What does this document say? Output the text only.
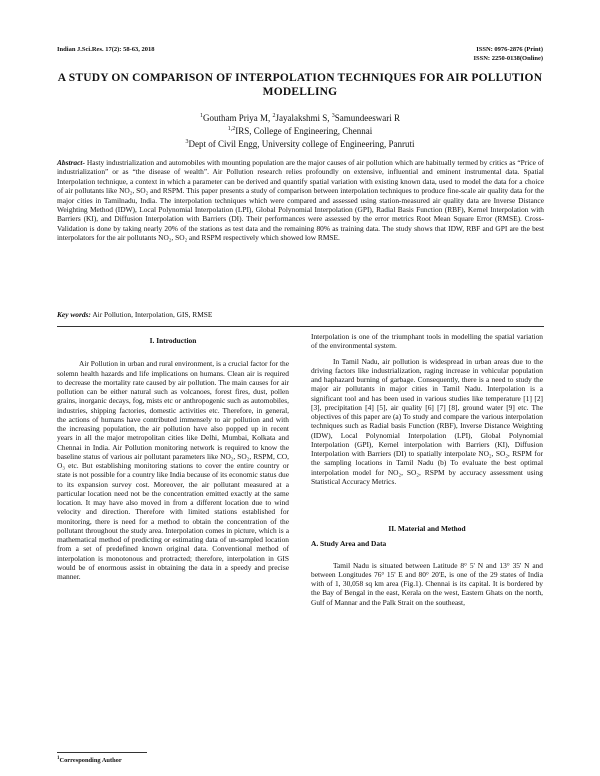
Indian J.Sci.Res. 17(2): 58-63, 2018	ISSN: 0976-2876 (Print)
ISSN: 2250-0138(Online)
A STUDY ON COMPARISON OF INTERPOLATION TECHNIQUES FOR AIR POLLUTION
MODELLING
$^1$Goutham Priya M, $^2$Jayalakshmi S, $^3$Samundeeswari R
$^{1,2}$IRS, College of Engineering, Chennai
$^3$Dept of Civil Engg, University college of Engineering, Panruti
Abstract- Hasty industrialization and automobiles with mounting population are the major causes of air pollution which are habitually termed by critics as “Price of industrialization” or as “the disease of wealth”. Air Pollution research relies profoundly on extensive, influential and eminent instrumental data. Spatial Interpolation technique, a context in which a parameter can be derived and quantify spatial variation with existing known data, used to model the data for a choice of air pollutants like NO₂, SO₂ and RSPM. This paper presents a study of comparison between interpolation techniques to produce fine-scale air quality data for the major cities in Tamilnadu, India. The interpolation techniques which were compared and assessed using station-measured air quality data are Inverse Distance Weighting Method (IDW), Local Polynomial Interpolation (LPI), Global Polynomial Interpolation (GPI), Radial Basis Function (RBF), Kernel Interpolation with Barriers (KI), and Diffusion Interpolation with Barriers (DI). Their performances were assessed by the error metrics Root Mean Square Error (RMSE). Cross-Validation is done by taking nearly 20% of the stations as test data and the remaining 80% as training data. The study shows that IDW, RBF and GPI are the best interpolators for the air pollutants NO₂, SO₂ and RSPM respectively which showed low RMSE.
Key words: Air Pollution, Interpolation, GIS, RMSE
I. Introduction

Air Pollution in urban and rural environment, is a crucial factor for the solemn health hazards and life implications on humans. Clean air is required to decrease the mortality rate caused by air pollution. The main causes for air pollution can be either natural such as volcanoes, forest fires, dust, pollen grains, inorganic decays, fog, mists etc or anthropogenic such as automobiles, industries, shipping factories, domestic activities etc. Therefore, in general, the actions of humans have contributed immensely to air pollution and with the increasing population, the air pollution have also popped up in recent years in all the major metropolitan cities like Delhi, Mumbai, Kolkata and Chennai in India. Air Pollution monitoring network is required to know the baseline status of various air pollutant parameters like NO₂, SO₂, RSPM, CO, O₃ etc. But establishing monitoring stations to cover the entire country or state is not possible for a country like India because of its economic status due to its expansion survey cost. Moreover, the air pollutant measured at a particular location need not be the concentration emitted exactly at the same location. It may have also moved in from a different location due to wind velocity and direction. Therefore with limited stations established for monitoring, there is need for a method to obtain the concentration of the pollutant throughout the study area. Interpolation comes in picture, which is a mathematical method of predicting or estimating data of un-sampled location from a set of predefined known original data. Conventional method of interpolation is monotonous and protracted; therefore, interpolation in GIS would be of enormous assist in obtaining the data in a speedy and precise manner.

Interpolation is one of the triumphant tools in modelling the spatial variation of the environmental system.

In Tamil Nadu, air pollution is widespread in urban areas due to the driving factors like industrialization, raging increase in vehicular population and haphazard burning of garbage. Consequently, there is a need to study the major air pollutants in major cities in Tamil Nadu. Interpolation is a significant tool and has been used in various studies like temperature [1] [2] [3], precipitation [4] [5], air quality [6] [7] [8], ground water [9] etc. The objectives of this paper are (a) To study and compare the various interpolation techniques such as Radial basis Function (RBF), Inverse Distance Weighting (IDW), Local Polynomial Interpolation (LPI), Global Polynomial Interpolation (GPI), Kernel interpolation with Barriers (KI), Diffusion Interpolation with Barriers (DI) to spatially interpolate NO₂, SO₂, RSPM for the sampling locations in Tamil Nadu (b) To evaluate the best optimal interpolation model for NO₂, SO₂, RSPM by accuracy assessment using Statistical Accuracy Metrics.

II. Material and Method
A. Study Area and Data

Tamil Nadu is situated between Latitude 8° 5' N and 13° 35' N and between Longitudes 76° 15' E and 80° 20'E, is one of the 29 states of India with of 1, 30,058 sq km area (Fig.1). Chennai is its capital. It is bordered by the Bay of Bengal in the east, Kerala on the west, Eastern Ghats on the north, Gulf of Mannar and the Palk Strait on the southeast,

$^1$Corresponding Author
